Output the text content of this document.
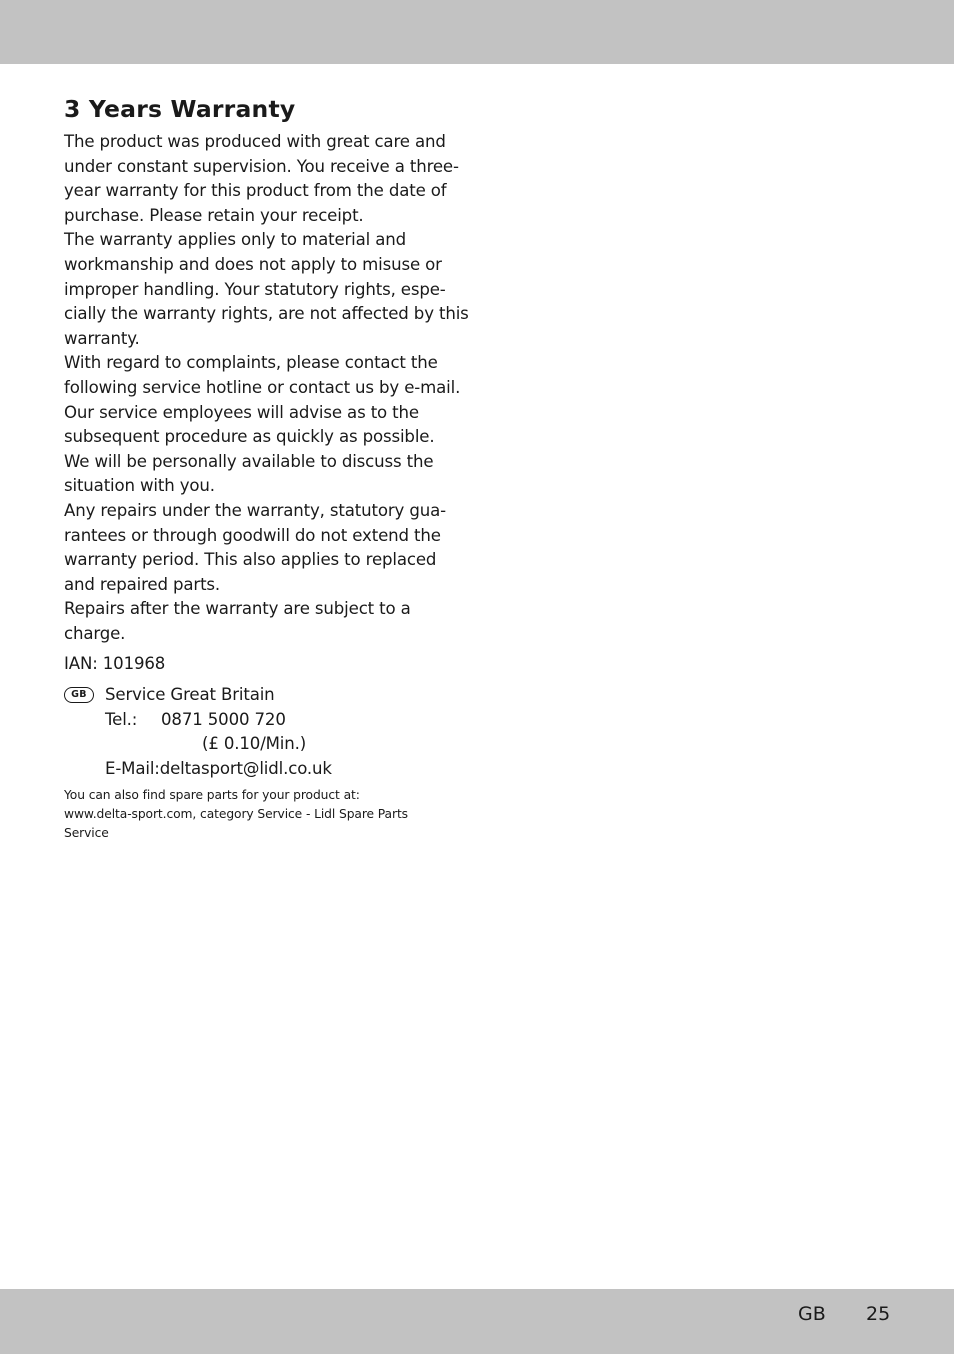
3 Years Warranty

The product was produced with great care and
under constant supervision. You receive a three-
year warranty for this product from the date of
purchase. Please retain your receipt.
The warranty applies only to material and
workmanship and does not apply to misuse or
improper handling. Your statutory rights, espe-
cially the warranty rights, are not affected by this
warranty.
With regard to complaints, please contact the
following service hotline or contact us by e-mail.
Our service employees will advise as to the
subsequent procedure as quickly as possible.
We will be personally available to discuss the
situation with you.
Any repairs under the warranty, statutory gua-
rantees or through goodwill do not extend the
warranty period. This also applies to replaced
and repaired parts.
Repairs after the warranty are subject to a
charge.

IAN: 101968

GB	Service Great Britain
Tel.:	0871 5000 720
(£ 0.10/Min.)
E-Mail:deltasport@lidl.co.uk

You can also find spare parts for your product at:
www.delta-sport.com, category Service - Lidl Spare Parts
Service

GB 25
